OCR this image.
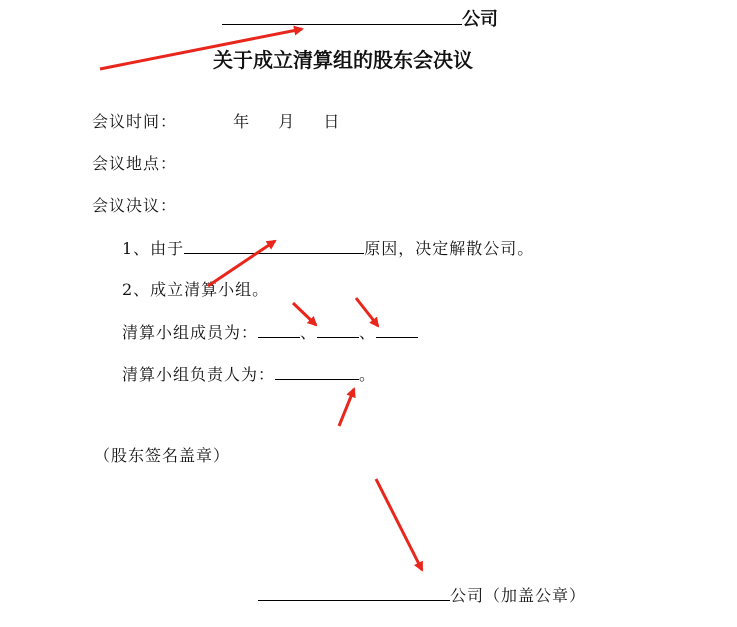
公司
关于成立清算组的股东会决议
会议时间：	年 月 日
会议地点：
会议决议：
1、由于	原因，决定解散公司。
2、成立清算小组。
清算小组成员为：	、	、
清算小组负责人为：	。
（股东签名盖章）
公司（加盖公章）
